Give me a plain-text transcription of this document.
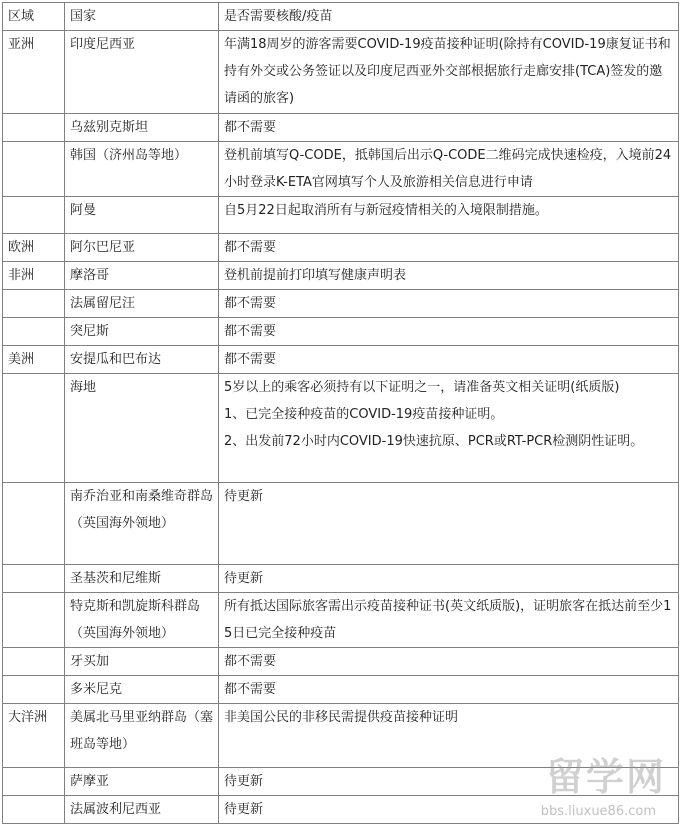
区域	国家	是否需要核酸/疫苗
亚洲	印度尼西亚	年满18周岁的游客需要COVID-19疫苗接种证明(除持有COVID-19康复证书和持有外交或公务签证以及印度尼西亚外交部根据旅行走廊安排(TCA)签发的邀请函的旅客)
	乌兹别克斯坦	都不需要
	韩国（济州岛等地）	登机前填写Q-CODE，抵韩国后出示Q-CODE二维码完成快速检疫，入境前24小时登录K-ETA官网填写个人及旅游相关信息进行申请
	阿曼	自5月22日起取消所有与新冠疫情相关的入境限制措施。
欧洲	阿尔巴尼亚	都不需要
非洲	摩洛哥	登机前提前打印填写健康声明表
	法属留尼汪	都不需要
	突尼斯	都不需要
美洲	安提瓜和巴布达	都不需要
	海地	5岁以上的乘客必须持有以下证明之一，请准备英文相关证明(纸质版)

1、已完全接种疫苗的COVID-19疫苗接种证明。

2、出发前72小时内COVID-19快速抗原、PCR或RT-PCR检测阴性证明。

	南乔治亚和南桑维奇群岛（英国海外领地）	待更新
	圣基茨和尼维斯	待更新
	特克斯和凯旋斯科群岛（英国海外领地）	所有抵达国际旅客需出示疫苗接种证书(英文纸质版)，证明旅客在抵达前至少15日已完全接种疫苗
	牙买加	都不需要
	多米尼克	都不需要
大洋洲	美属北马里亚纳群岛（塞班岛等地）	非美国公民的非移民需提供疫苗接种证明
	萨摩亚	待更新
	法属波利尼西亚	待更新
留学网
bbs.liuxue86.com
